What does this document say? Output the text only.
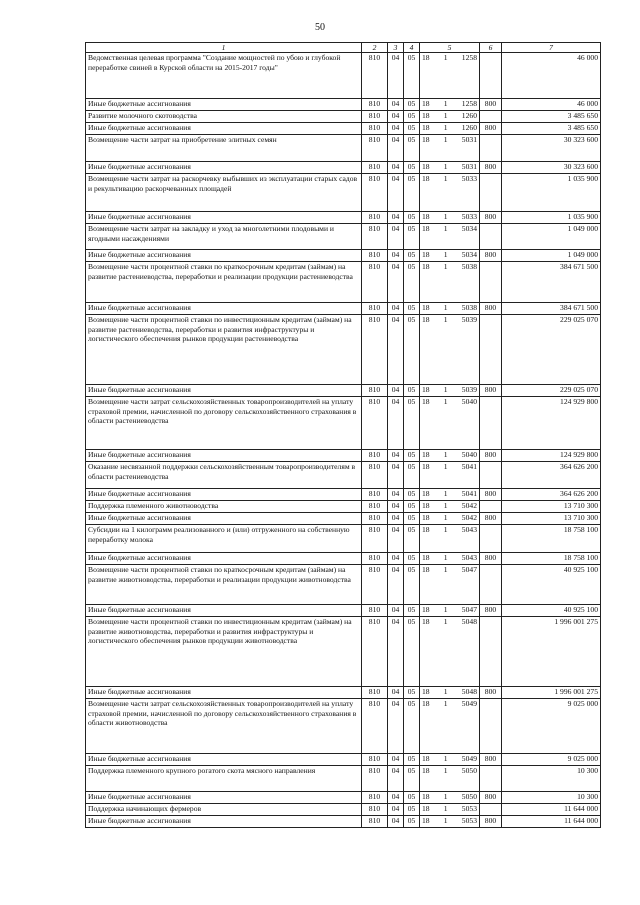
50
1	2	3	4	5	6	7
Ведомственная целевая программа "Создание мощностей по убою и глубокой переработке свиней в Курской области на 2015-2017 годы"	810	04	05	18 1 1258		46 000
Иные бюджетные ассигнования	810	04	05	18 1 1258	800	46 000
Развитие молочного скотоводства	810	04	05	18 1 1260		3 485 650
Иные бюджетные ассигнования	810	04	05	18 1 1260	800	3 485 650
Возмещение части затрат на приобретение элитных семян	810	04	05	18 1 5031		30 323 600
Иные бюджетные ассигнования	810	04	05	18 1 5031	800	30 323 600
Возмещение части затрат на раскорчевку выбывших из эксплуатации старых садов и рекультивацию раскорчеванных площадей	810	04	05	18 1 5033		1 035 900
Иные бюджетные ассигнования	810	04	05	18 1 5033	800	1 035 900
Возмещение части затрат на закладку и уход за многолетними плодовыми и ягодными насаждениями	810	04	05	18 1 5034		1 049 000
Иные бюджетные ассигнования	810	04	05	18 1 5034	800	1 049 000
Возмещение части процентной ставки по краткосрочным кредитам (займам) на развитие растениеводства, переработки и реализации продукции растениеводства	810	04	05	18 1 5038		384 671 500
Иные бюджетные ассигнования	810	04	05	18 1 5038	800	384 671 500
Возмещение части процентной ставки по инвестиционным кредитам (займам) на развитие растениеводства, переработки и развития инфраструктуры и логистического обеспечения рынков продукции растениеводства	810	04	05	18 1 5039		229 025 070
Иные бюджетные ассигнования	810	04	05	18 1 5039	800	229 025 070
Возмещение части затрат сельскохозяйственных товаропроизводителей на уплату страховой премии, начисленной по договору сельскохозяйственного страхования в области растениеводства	810	04	05	18 1 5040		124 929 800
Иные бюджетные ассигнования	810	04	05	18 1 5040	800	124 929 800
Оказание несвязанной поддержки сельскохозяйственным товаропроизводителям в области растениеводства	810	04	05	18 1 5041		364 626 200
Иные бюджетные ассигнования	810	04	05	18 1 5041	800	364 626 200
Поддержка племенного животноводства	810	04	05	18 1 5042		13 710 300
Иные бюджетные ассигнования	810	04	05	18 1 5042	800	13 710 300
Субсидии на 1 килограмм реализованного и (или) отгруженного на собственную переработку молока	810	04	05	18 1 5043		18 758 100
Иные бюджетные ассигнования	810	04	05	18 1 5043	800	18 758 100
Возмещение части процентной ставки по краткосрочным кредитам (займам) на развитие животноводства, переработки и реализации продукции животноводства	810	04	05	18 1 5047		40 925 100
Иные бюджетные ассигнования	810	04	05	18 1 5047	800	40 925 100
Возмещение части процентной ставки по инвестиционным кредитам (займам) на развитие животноводства, переработки и развития инфраструктуры и логистического обеспечения рынков продукции животноводства	810	04	05	18 1 5048		1 996 001 275
Иные бюджетные ассигнования	810	04	05	18 1 5048	800	1 996 001 275
Возмещение части затрат сельскохозяйственных товаропроизводителей на уплату страховой премии, начисленной по договору сельскохозяйственного страхования в области животноводства	810	04	05	18 1 5049		9 025 000
Иные бюджетные ассигнования	810	04	05	18 1 5049	800	9 025 000
Поддержка племенного крупного рогатого скота мясного направления	810	04	05	18 1 5050		10 300
Иные бюджетные ассигнования	810	04	05	18 1 5050	800	10 300
Поддержка начинающих фермеров	810	04	05	18 1 5053		11 644 000
Иные бюджетные ассигнования	810	04	05	18 1 5053	800	11 644 000
